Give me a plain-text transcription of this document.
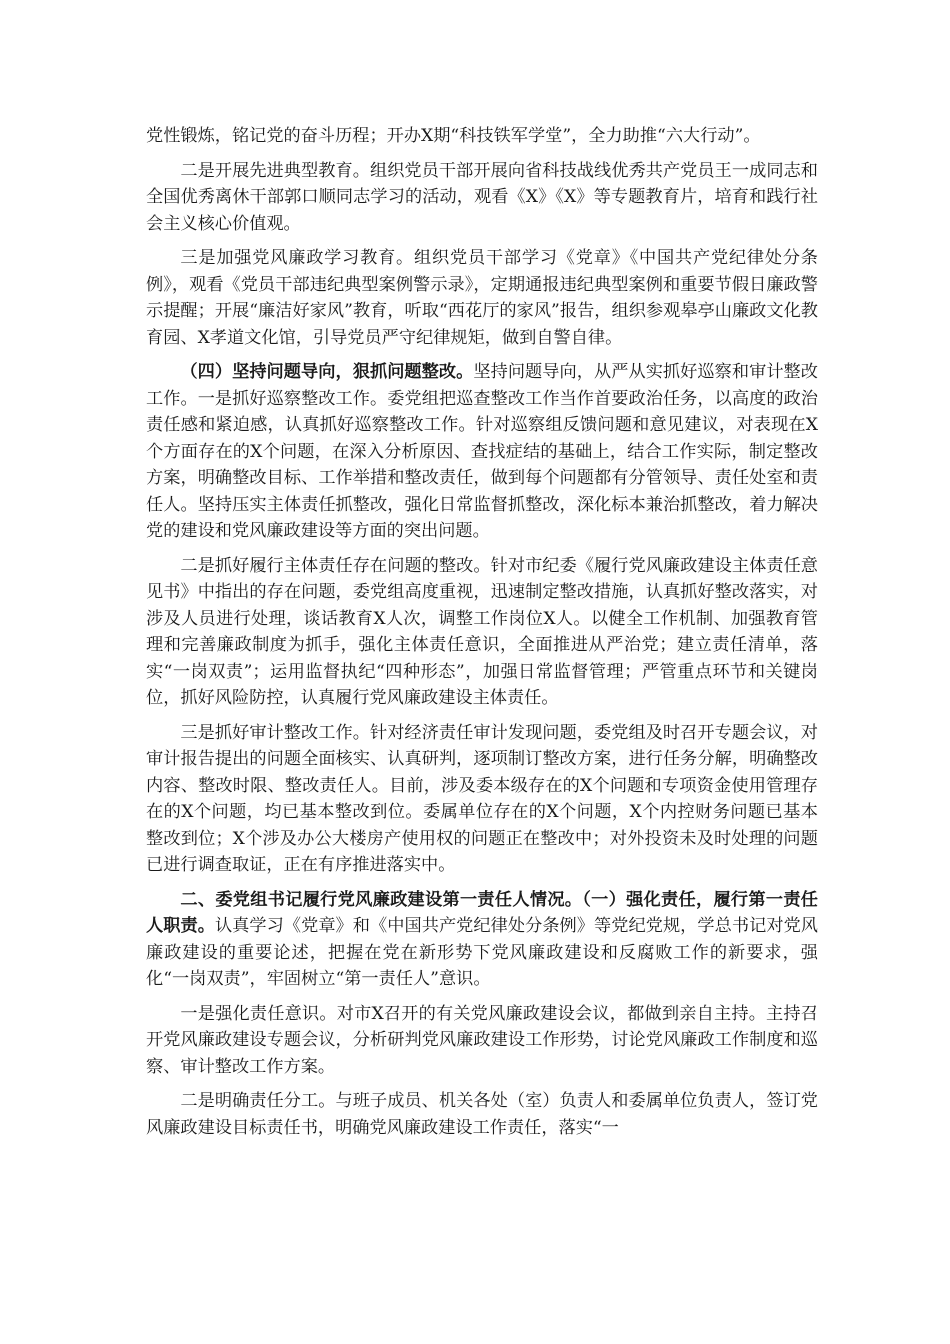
党性锻炼，铭记党的奋斗历程；开办X期“科技铁军学堂”，全力助推“六大行动”。

二是开展先进典型教育。组织党员干部开展向省科技战线优秀共产党员王一成同志和全国优秀离休干部郭口顺同志学习的活动，观看《X》《X》等专题教育片，培育和践行社会主义核心价值观。

三是加强党风廉政学习教育。组织党员干部学习《党章》《中国共产党纪律处分条例》，观看《党员干部违纪典型案例警示录》，定期通报违纪典型案例和重要节假日廉政警示提醒；开展“廉洁好家风”教育，听取“西花厅的家风”报告，组织参观皋亭山廉政文化教育园、X孝道文化馆，引导党员严守纪律规矩，做到自警自律。

（四）坚持问题导向，狠抓问题整改。坚持问题导向，从严从实抓好巡察和审计整改工作。一是抓好巡察整改工作。委党组把巡查整改工作当作首要政治任务，以高度的政治责任感和紧迫感，认真抓好巡察整改工作。针对巡察组反馈问题和意见建议，对表现在X个方面存在的X个问题，在深入分析原因、查找症结的基础上，结合工作实际，制定整改方案，明确整改目标、工作举措和整改责任，做到每个问题都有分管领导、责任处室和责任人。坚持压实主体责任抓整改，强化日常监督抓整改，深化标本兼治抓整改，着力解决党的建设和党风廉政建设等方面的突出问题。

二是抓好履行主体责任存在问题的整改。针对市纪委《履行党风廉政建设主体责任意见书》中指出的存在问题，委党组高度重视，迅速制定整改措施，认真抓好整改落实，对涉及人员进行处理，谈话教育X人次，调整工作岗位X人。以健全工作机制、加强教育管理和完善廉政制度为抓手，强化主体责任意识，全面推进从严治党；建立责任清单，落实“一岗双责”；运用监督执纪“四种形态”，加强日常监督管理；严管重点环节和关键岗位，抓好风险防控，认真履行党风廉政建设主体责任。

三是抓好审计整改工作。针对经济责任审计发现问题，委党组及时召开专题会议，对审计报告提出的问题全面核实、认真研判，逐项制订整改方案，进行任务分解，明确整改内容、整改时限、整改责任人。目前，涉及委本级存在的X个问题和专项资金使用管理存在的X个问题，均已基本整改到位。委属单位存在的X个问题，X个内控财务问题已基本整改到位；X个涉及办公大楼房产使用权的问题正在整改中；对外投资未及时处理的问题已进行调查取证，正在有序推进落实中。

二、委党组书记履行党风廉政建设第一责任人情况。（一）强化责任，履行第一责任人职责。认真学习《党章》和《中国共产党纪律处分条例》等党纪党规，学总书记对党风廉政建设的重要论述，把握在党在新形势下党风廉政建设和反腐败工作的新要求，强化“一岗双责”，牢固树立“第一责任人”意识。

一是强化责任意识。对市X召开的有关党风廉政建设会议，都做到亲自主持。主持召开党风廉政建设专题会议，分析研判党风廉政建设工作形势，讨论党风廉政工作制度和巡察、审计整改工作方案。

二是明确责任分工。与班子成员、机关各处（室）负责人和委属单位负责人，签订党风廉政建设目标责任书，明确党风廉政建设工作责任，落实“一
